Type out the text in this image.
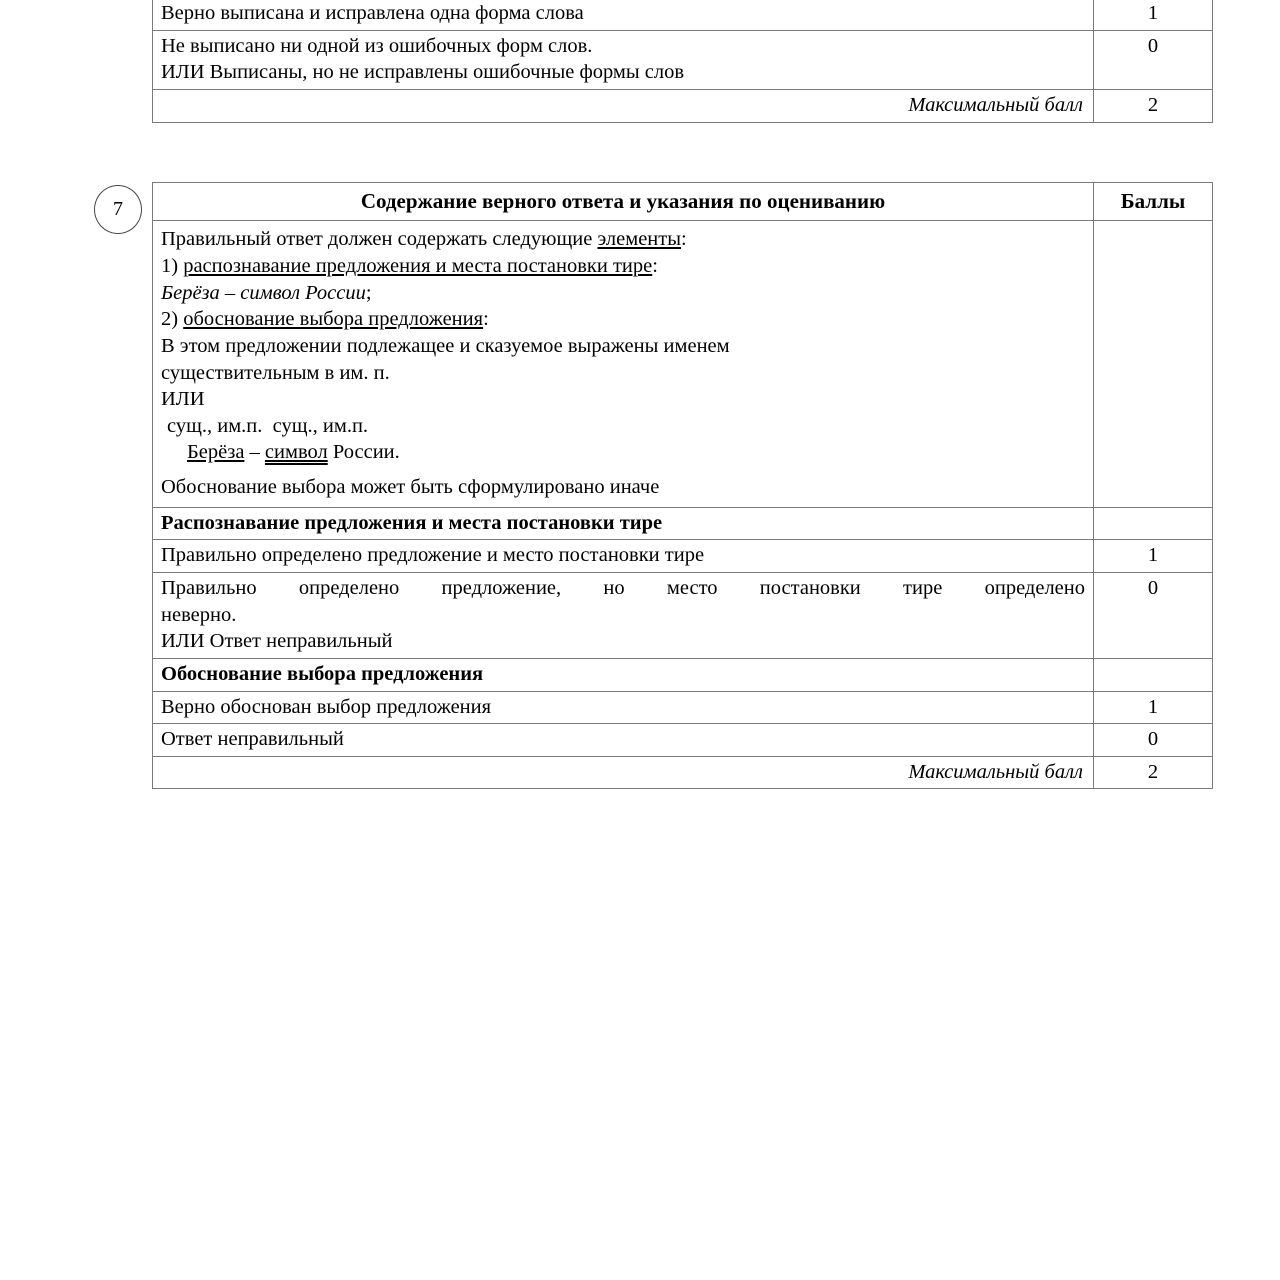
Верно выписана и исправлена одна форма слова	1

Не выписано ни одной из ошибочных форм слов.
ИЛИ Выписаны, но не исправлены ошибочные формы слов	0
Максимальный балл	2
7	Содержание верного ответа и указания по оцениванию	Баллы

Правильный ответ должен содержать следующие элементы:
1) распознавание предложения и места постановки тире:
Берёза – символ России;
2) обоснование выбора предложения:
В этом предложении подлежащее и сказуемое выражены именем
существительным в им. п.
ИЛИ
сущ., им.п.  сущ., им.п.
Берёза – символ России.
Обоснование выбора может быть сформулировано иначе

Распознавание предложения и места постановки тире	
Правильно определено предложение и место постановки тире	1

Правильно определено предложение, но место постановки тире определено
неверно.
ИЛИ Ответ неправильный	0
Обоснование выбора предложения	
Верно обоснован выбор предложения	1
Ответ неправильный	0
Максимальный балл	2
